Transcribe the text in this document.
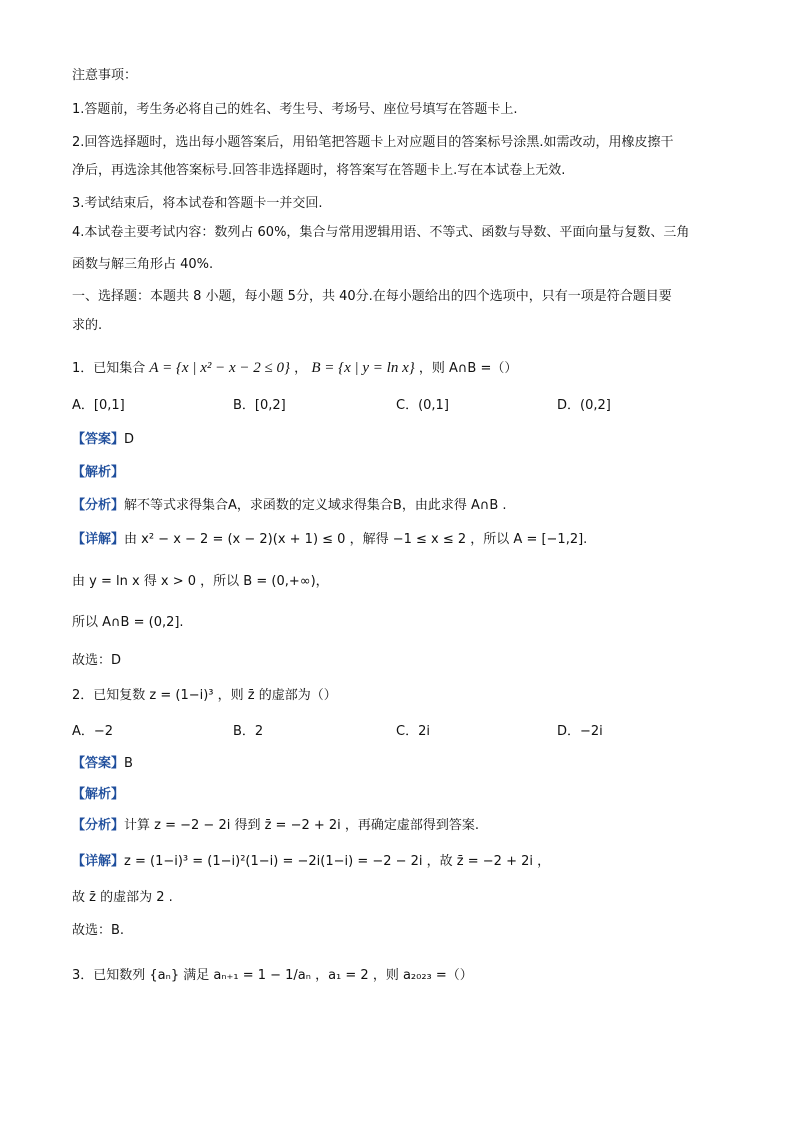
注意事项：
1.答题前，考生务必将自己的姓名、考生号、考场号、座位号填写在答题卡上.
2.回答选择题时，选出每小题答案后，用铅笔把答题卡上对应题目的答案标号涂黑.如需改动，用橡皮擦干
净后，再选涂其他答案标号.回答非选择题时，将答案写在答题卡上.写在本试卷上无效.
3.考试结束后，将本试卷和答题卡一并交回.
4.本试卷主要考试内容：数列占 60%，集合与常用逻辑用语、不等式、函数与导数、平面向量与复数、三角
函数与解三角形占 40%.
一、选择题：本题共 8 小题，每小题 5分，共 40分.在每小题给出的四个选项中，只有一项是符合题目要
求的.
1．已知集合 A = {x | x² − x − 2 ≤ 0} ， B = {x | y = ln x} ，则 A∩B =（）
A．[0,1]	B．[0,2]	C．(0,1]	D．(0,2]
【答案】D
【解析】
【分析】解不等式求得集合A，求函数的定义域求得集合B，由此求得 A∩B .
【详解】由 x² − x − 2 = (x − 2)(x + 1) ≤ 0 ，解得 −1 ≤ x ≤ 2 ，所以 A = [−1,2].
由 y = ln x 得 x > 0 ，所以 B = (0,+∞)，
所以 A∩B = (0,2].
故选：D
2．已知复数 z = (1−i)³ ，则 z̄ 的虚部为（）
A．−2	B．2	C．2i	D．−2i
【答案】B
【解析】
【分析】计算 z = −2 − 2i 得到 z̄ = −2 + 2i ，再确定虚部得到答案.
【详解】z = (1−i)³ = (1−i)²(1−i) = −2i(1−i) = −2 − 2i ，故 z̄ = −2 + 2i ，
故 z̄ 的虚部为 2 .
故选：B.
3．已知数列 {aₙ} 满足 aₙ₊₁ = 1 − 1/aₙ ，a₁ = 2 ，则 a₂₀₂₃ =（）
